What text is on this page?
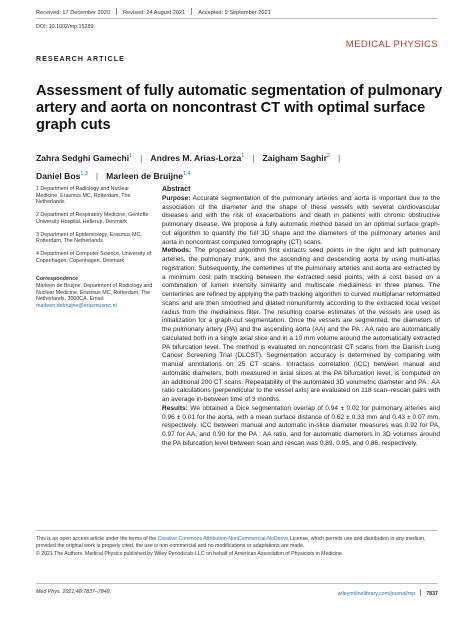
Received: 17 December 2020 Revised: 24 August 2021 Accepted: 9 September 2021
DOI: 10.1002/mp.15289
MEDICAL PHYSICS
RESEARCH ARTICLE
Assessment of fully automatic segmentation of pulmonary artery and aorta on noncontrast CT with optimal surface graph cuts
Zahra Sedghi Gamechi$^1$ | Andres M. Arias-Lorza$^1$ | Zaigham Saghir$^2$ |
Daniel Bos$^{1,3}$ | Marleen de Bruijne$^{1,4}$

1 Department of Radiology and Nuclear Medicine, Erasmus MC, Rotterdam, The Netherlands

2 Department of Respiratory Medicine, Gentofte University Hospital, Hellerup, Denmark

3 Department of Epidemiology, Erasmus MC, Rotterdam, The Netherlands

4 Department of Computer Science, University of Copenhagen, Copenhagen, Denmark

Correspondence

Marleen de Bruijne, Department of Radiology and Nuclear Medicine, Erasmus MC, Rotterdam, The Netherlands, 3000CA. Email: marleen.debruijne@erasmusmc.nl

Abstract

Purpose: Accurate segmentation of the pulmonary arteries and aorta is important due to the association of the diameter and the shape of these vessels with several cardiovascular diseases and with the risk of exacerbations and death in patients with chronic obstructive pulmonary disease. We propose a fully automatic method based on an optimal surface graph-cut algorithm to quantify the full 3D shape and the diameters of the pulmonary arteries and aorta in noncontrast computed tomography (CT) scans.

Methods: The proposed algorithm first extracts seed points in the right and left pulmonary arteries, the pulmonary trunk, and the ascending and descending aorta by using multi-atlas registration. Subsequently, the centerlines of the pulmonary arteries and aorta are extracted by a minimum cost path tracking between the extracted seed points, with a cost based on a combination of lumen intensity similarity and multiscale medialness in three planes. The centerlines are refined by applying the path tracking algorithm to curved multiplanar reformatted scans and are then smoothed and dilated nonuniformly according to the extracted local vessel radius from the medialness filter. The resulting coarse estimates of the vessels are used as initialization for a graph-cut segmentation. Once the vessels are segmented, the diameters of the pulmonary artery (PA) and the ascending aorta (AA) and the PA : AA ratio are automatically calculated both in a single axial slice and in a 10 mm volume around the automatically extracted PA bifurcation level. The method is evaluated on noncontrast CT scans from the Danish Lung Cancer Screening Trial (DLCST). Segmentation accuracy is determined by comparing with manual annotations on 25 CT scans. Intraclass correlation (ICC) between manual and automatic diameters, both measured in axial slices at the PA bifurcation level, is computed on an additional 200 CT scans. Repeatability of the automated 3D volumetric diameter and PA : AA ratio calculations (perpendicular to the vessel axis) are evaluated on 118 scan–rescan pairs with an average in-between time of 3 months.

Results: We obtained a Dice segmentation overlap of 0.94 ± 0.02 for pulmonary arteries and 0.96 ± 0.01 for the aorta, with a mean surface distance of 0.62 ± 0.33 mm and 0.43 ± 0.07 mm, respectively. ICC between manual and automatic in-slice diameter measures was 0.92 for PA, 0.97 for AA, and 0.90 for the PA : AA ratio, and for automatic diameters in 3D volumes around the PA bifurcation level between scan and rescan was 0.89, 0.95, and 0.86, respectively.

This is an open access article under the terms of the Creative Commons Attribution-NonCommercial-NoDerivs License, which permits use and distribution in any medium, provided the original work is properly cited, the use is non-commercial and no modifications or adaptations are made.

© 2021 The Authors. Medical Physics published by Wiley Periodicals LLC on behalf of American Association of Physicists in Medicine

Med Phys. 2021;48:7837–7849.	wileyonlinelibrary.com/journal/mp 7837
